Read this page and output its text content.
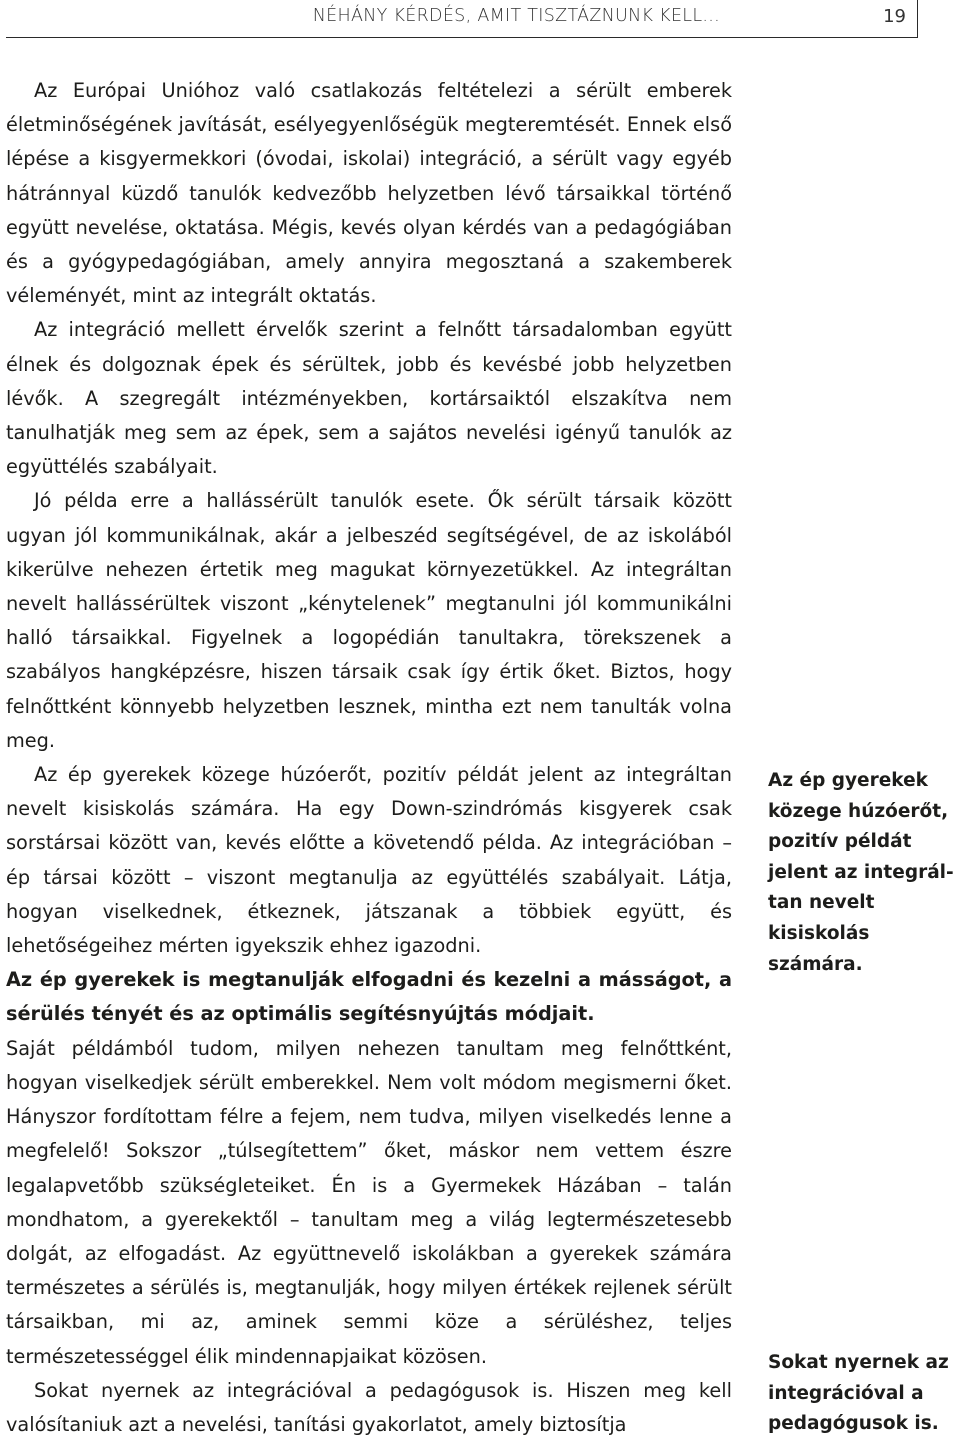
NÉHÁNY KÉRDÉS, AMIT TISZTÁZNUNK KELL...	19

Az Európai Unióhoz való csatlakozás feltételezi a sérült emberek életminőségének javítását, esélyegyenlőségük megteremtését. Ennek első lépése a kisgyermekkori (óvodai, iskolai) integráció, a sérült vagy egyéb hátránnyal küzdő tanulók kedvezőbb helyzetben lévő társaikkal történő együtt nevelése, oktatása. Mégis, kevés olyan kérdés van a pedagógiában és a gyógypedagógiában, amely annyira megosztaná a szakemberek véleményét, mint az integrált oktatás.

Az integráció mellett érvelők szerint a felnőtt társadalomban együtt élnek és dolgoznak épek és sérültek, jobb és kevésbé jobb helyzetben lévők. A szegregált intézményekben, kortársaiktól elszakítva nem tanulhatják meg sem az épek, sem a sajátos nevelési igényű tanulók az együttélés szabályait.

Jó példa erre a hallássérült tanulók esete. Ők sérült társaik között ugyan jól kommunikálnak, akár a jelbeszéd segítségével, de az iskolából kikerülve nehezen értetik meg magukat környezetükkel. Az integráltan nevelt hallássérültek viszont „kénytelenek” megtanulni jól kommunikálni halló társaikkal. Figyelnek a logopédián tanultakra, törekszenek a szabályos hangképzésre, hiszen társaik csak így értik őket. Biztos, hogy felnőttként könnyebb helyzetben lesznek, mintha ezt nem tanulták volna meg.

Az ép gyerekek közege húzóerőt, pozitív példát jelent az integráltan nevelt kisiskolás számára. Ha egy Down-szindrómás kisgyerek csak sorstársai között van, kevés előtte a követendő példa. Az integrációban – ép társai között – viszont megtanulja az együttélés szabályait. Látja, hogyan viselkednek, étkeznek, játszanak a többiek együtt, és lehetőségeihez mérten igyekszik ehhez igazodni.

Az ép gyerekek is megtanulják elfogadni és kezelni a másságot, a sérülés tényét és az optimális segítésnyújtás módjait.

Saját példámból tudom, milyen nehezen tanultam meg felnőttként, hogyan viselkedjek sérült emberekkel. Nem volt módom megismerni őket. Hányszor fordítottam félre a fejem, nem tudva, milyen viselkedés lenne a megfelelő! Sokszor „túlsegítettem” őket, máskor nem vettem észre legalapvetőbb szükségleteiket. Én is a Gyermekek Házában – talán mondhatom, a gyerekektől – tanultam meg a világ legtermészetesebb dolgát, az elfogadást. Az együttnevelő iskolákban a gyerekek számára természetes a sérülés is, megtanulják, hogy milyen értékek rejlenek sérült társaikban, mi az, aminek semmi köze a sérüléshez, teljes természetességgel élik mindennapjaikat közösen.

Sokat nyernek az integrációval a pedagógusok is. Hiszen meg kell valósítaniuk azt a nevelési, tanítási gyakorlatot, amely biztosítja

Az ép gyerekek közege húzóerőt, pozitív példát jelent az integráltan nevelt kisiskolás számára.
Sokat nyernek az integrációval a pedagógusok is.
